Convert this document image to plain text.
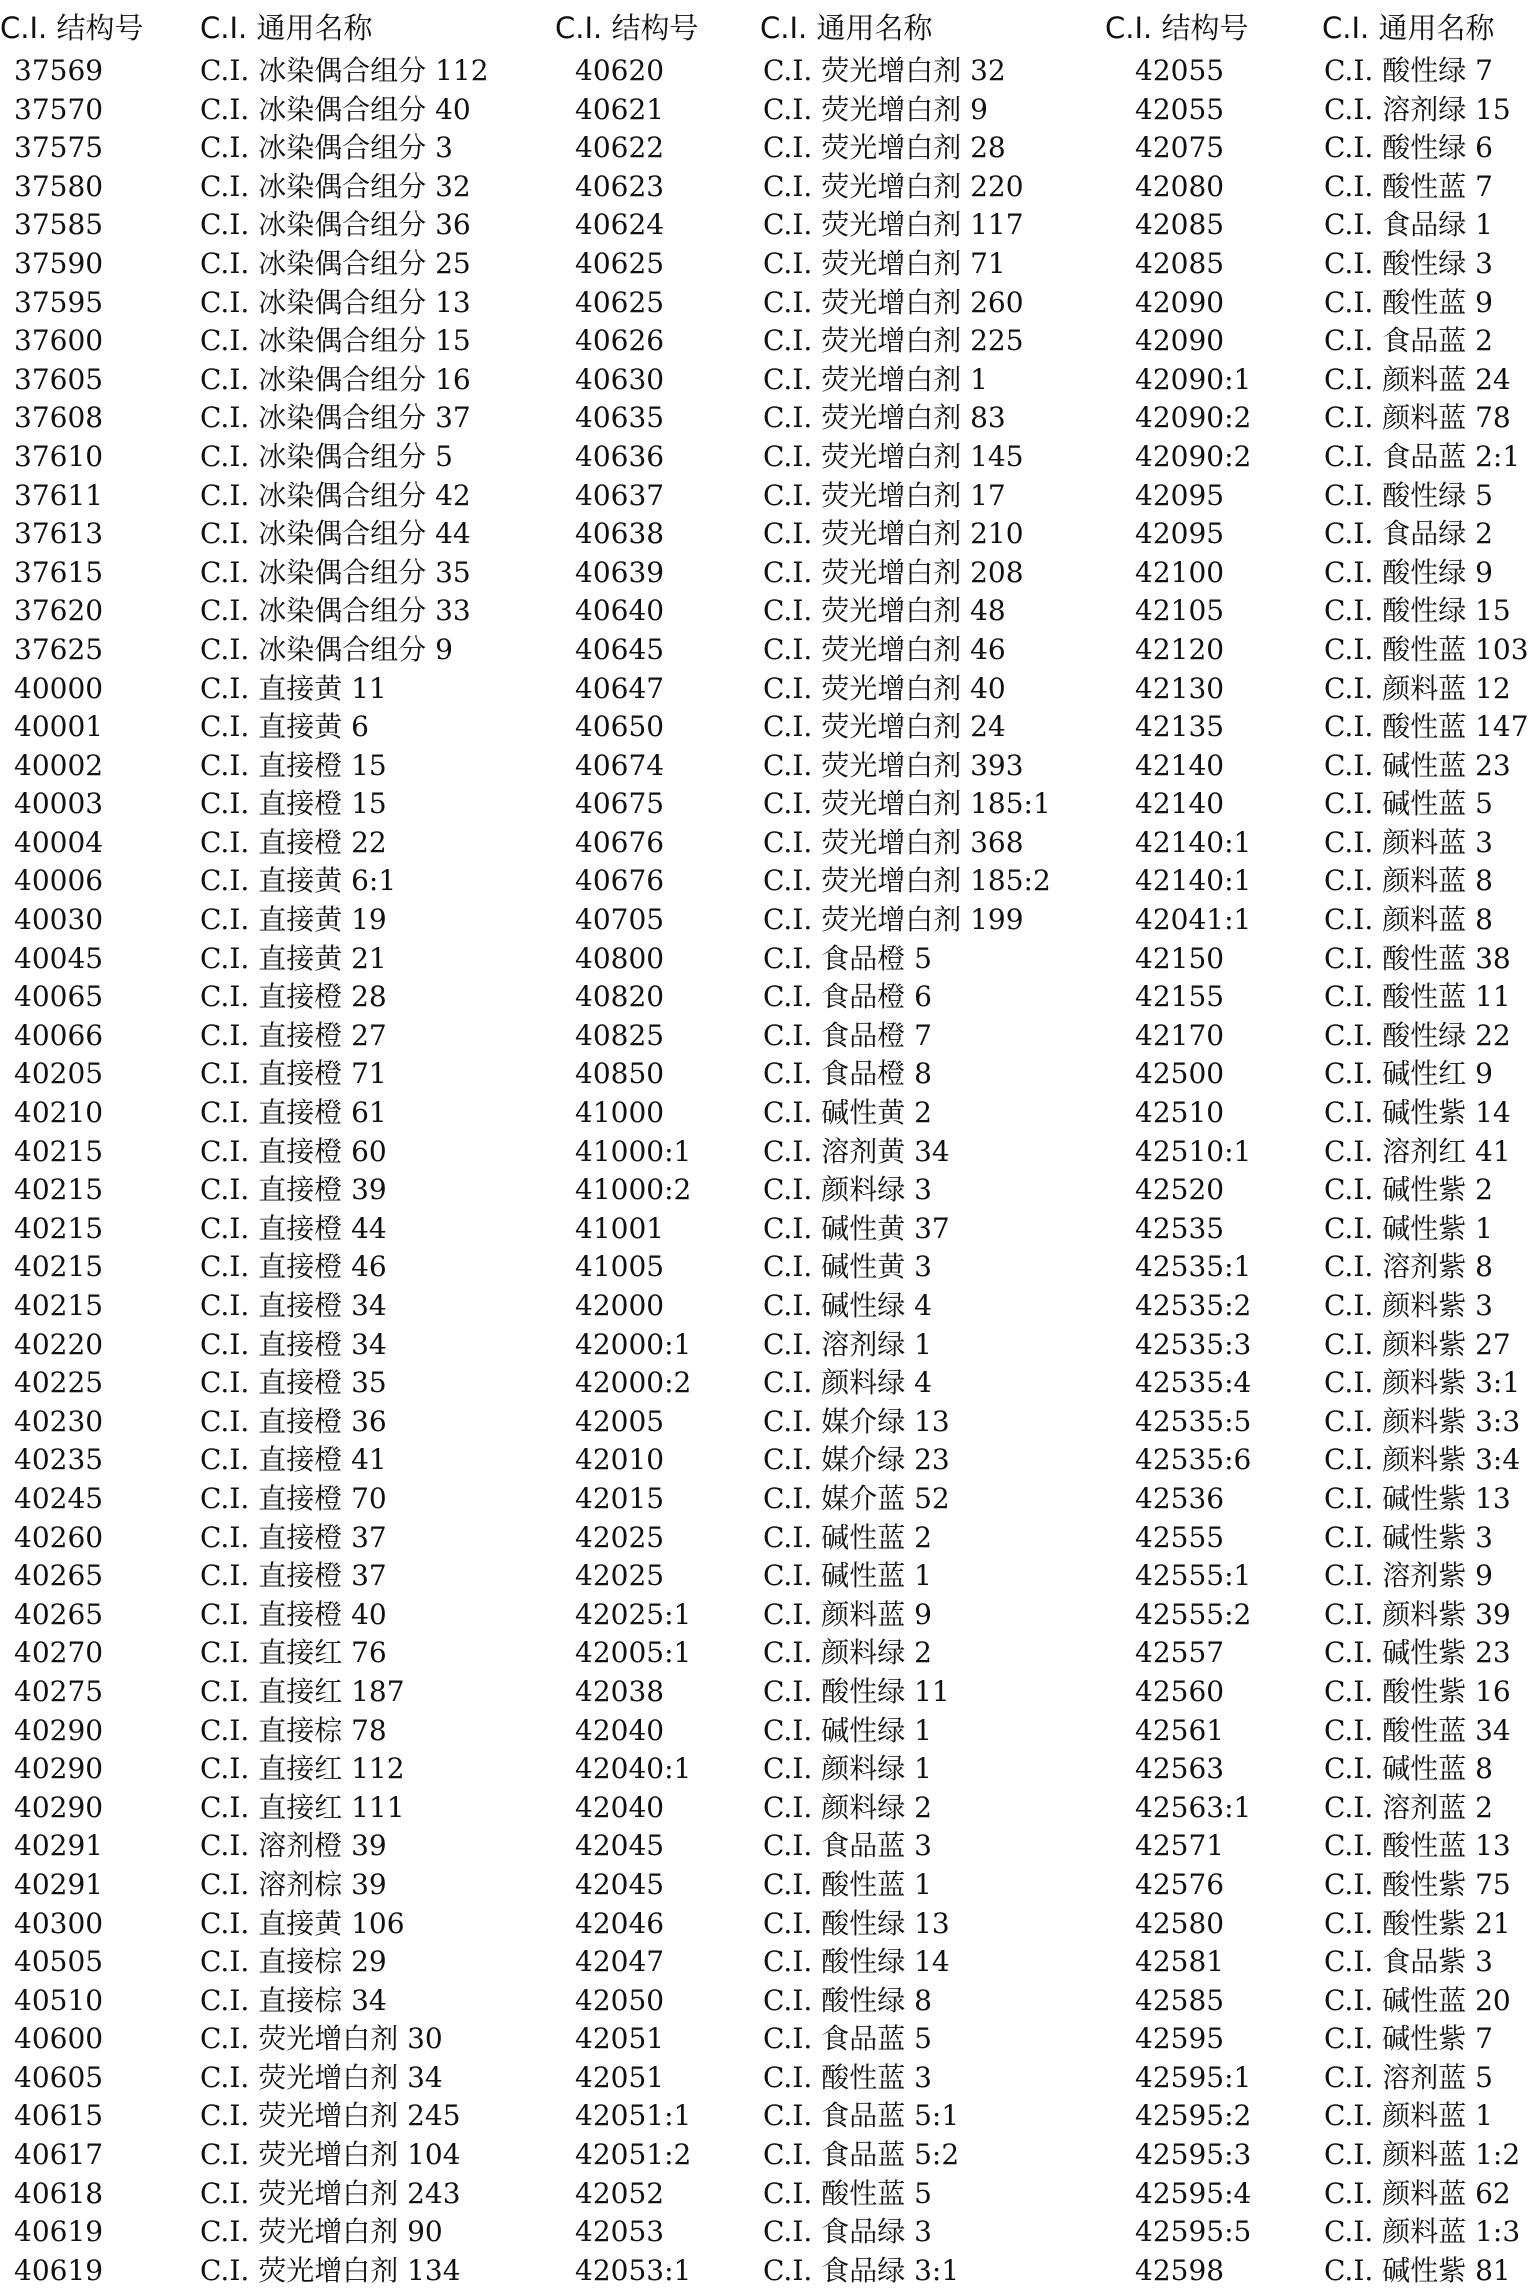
C.I. 结构号 C.I. 通用名称
37569	C.I. 冰染偶合组分 112
37570	C.I. 冰染偶合组分 40
37575	C.I. 冰染偶合组分 3
37580	C.I. 冰染偶合组分 32
37585	C.I. 冰染偶合组分 36
37590	C.I. 冰染偶合组分 25
37595	C.I. 冰染偶合组分 13
37600	C.I. 冰染偶合组分 15
37605	C.I. 冰染偶合组分 16
37608	C.I. 冰染偶合组分 37
37610	C.I. 冰染偶合组分 5
37611	C.I. 冰染偶合组分 42
37613	C.I. 冰染偶合组分 44
37615	C.I. 冰染偶合组分 35
37620	C.I. 冰染偶合组分 33
37625	C.I. 冰染偶合组分 9
40000	C.I. 直接黄 11
40001	C.I. 直接黄 6
40002	C.I. 直接橙 15
40003	C.I. 直接橙 15
40004	C.I. 直接橙 22
40006	C.I. 直接黄 6:1
40030	C.I. 直接黄 19
40045	C.I. 直接黄 21
40065	C.I. 直接橙 28
40066	C.I. 直接橙 27
40205	C.I. 直接橙 71
40210	C.I. 直接橙 61
40215	C.I. 直接橙 60
40215	C.I. 直接橙 39
40215	C.I. 直接橙 44
40215	C.I. 直接橙 46
40215	C.I. 直接橙 34
40220	C.I. 直接橙 34
40225	C.I. 直接橙 35
40230	C.I. 直接橙 36
40235	C.I. 直接橙 41
40245	C.I. 直接橙 70
40260	C.I. 直接橙 37
40265	C.I. 直接橙 37
40265	C.I. 直接橙 40
40270	C.I. 直接红 76
40275	C.I. 直接红 187
40290	C.I. 直接棕 78
40290	C.I. 直接红 112
40290	C.I. 直接红 111
40291	C.I. 溶剂橙 39
40291	C.I. 溶剂棕 39
40300	C.I. 直接黄 106
40505	C.I. 直接棕 29
40510	C.I. 直接棕 34
40600	C.I. 荧光增白剂 30
40605	C.I. 荧光增白剂 34
40615	C.I. 荧光增白剂 245
40617	C.I. 荧光增白剂 104
40618	C.I. 荧光增白剂 243
40619	C.I. 荧光增白剂 90
40619	C.I. 荧光增白剂 134
C.I. 结构号 C.I. 通用名称
40620	C.I. 荧光增白剂 32
40621	C.I. 荧光增白剂 9
40622	C.I. 荧光增白剂 28
40623	C.I. 荧光增白剂 220
40624	C.I. 荧光增白剂 117
40625	C.I. 荧光增白剂 71
40625	C.I. 荧光增白剂 260
40626	C.I. 荧光增白剂 225
40630	C.I. 荧光增白剂 1
40635	C.I. 荧光增白剂 83
40636	C.I. 荧光增白剂 145
40637	C.I. 荧光增白剂 17
40638	C.I. 荧光增白剂 210
40639	C.I. 荧光增白剂 208
40640	C.I. 荧光增白剂 48
40645	C.I. 荧光增白剂 46
40647	C.I. 荧光增白剂 40
40650	C.I. 荧光增白剂 24
40674	C.I. 荧光增白剂 393
40675	C.I. 荧光增白剂 185:1
40676	C.I. 荧光增白剂 368
40676	C.I. 荧光增白剂 185:2
40705	C.I. 荧光增白剂 199
40800	C.I. 食品橙 5
40820	C.I. 食品橙 6
40825	C.I. 食品橙 7
40850	C.I. 食品橙 8
41000	C.I. 碱性黄 2
41000:1	C.I. 溶剂黄 34
41000:2	C.I. 颜料绿 3
41001	C.I. 碱性黄 37
41005	C.I. 碱性黄 3
42000	C.I. 碱性绿 4
42000:1	C.I. 溶剂绿 1
42000:2	C.I. 颜料绿 4
42005	C.I. 媒介绿 13
42010	C.I. 媒介绿 23
42015	C.I. 媒介蓝 52
42025	C.I. 碱性蓝 2
42025	C.I. 碱性蓝 1
42025:1	C.I. 颜料蓝 9
42005:1	C.I. 颜料绿 2
42038	C.I. 酸性绿 11
42040	C.I. 碱性绿 1
42040:1	C.I. 颜料绿 1
42040	C.I. 颜料绿 2
42045	C.I. 食品蓝 3
42045	C.I. 酸性蓝 1
42046	C.I. 酸性绿 13
42047	C.I. 酸性绿 14
42050	C.I. 酸性绿 8
42051	C.I. 食品蓝 5
42051	C.I. 酸性蓝 3
42051:1	C.I. 食品蓝 5:1
42051:2	C.I. 食品蓝 5:2
42052	C.I. 酸性蓝 5
42053	C.I. 食品绿 3
42053:1	C.I. 食品绿 3:1
C.I. 结构号	C.I. 通用名称
42055	C.I. 酸性绿 7
42055	C.I. 溶剂绿 15
42075	C.I. 酸性绿 6
42080	C.I. 酸性蓝 7
42085	C.I. 食品绿 1
42085	C.I. 酸性绿 3
42090	C.I. 酸性蓝 9
42090	C.I. 食品蓝 2
42090:1	C.I. 颜料蓝 24
42090:2	C.I. 颜料蓝 78
42090:2	C.I. 食品蓝 2:1
42095	C.I. 酸性绿 5
42095	C.I. 食品绿 2
42100	C.I. 酸性绿 9
42105	C.I. 酸性绿 15
42120	C.I. 酸性蓝 103
42130	C.I. 颜料蓝 12
42135	C.I. 酸性蓝 147
42140	C.I. 碱性蓝 23
42140	C.I. 碱性蓝 5
42140:1	C.I. 颜料蓝 3
42140:1	C.I. 颜料蓝 8
42041:1	C.I. 颜料蓝 8
42150	C.I. 酸性蓝 38
42155	C.I. 酸性蓝 11
42170	C.I. 酸性绿 22
42500	C.I. 碱性红 9
42510	C.I. 碱性紫 14
42510:1	C.I. 溶剂红 41
42520	C.I. 碱性紫 2
42535	C.I. 碱性紫 1
42535:1	C.I. 溶剂紫 8
42535:2	C.I. 颜料紫 3
42535:3	C.I. 颜料紫 27
42535:4	C.I. 颜料紫 3:1
42535:5	C.I. 颜料紫 3:3
42535:6	C.I. 颜料紫 3:4
42536	C.I. 碱性紫 13
42555	C.I. 碱性紫 3
42555:1	C.I. 溶剂紫 9
42555:2	C.I. 颜料紫 39
42557	C.I. 碱性紫 23
42560	C.I. 酸性紫 16
42561	C.I. 酸性蓝 34
42563	C.I. 碱性蓝 8
42563:1	C.I. 溶剂蓝 2
42571	C.I. 酸性蓝 13
42576	C.I. 酸性紫 75
42580	C.I. 酸性紫 21
42581	C.I. 食品紫 3
42585	C.I. 碱性蓝 20
42595	C.I. 碱性紫 7
42595:1	C.I. 溶剂蓝 5
42595:2	C.I. 颜料蓝 1
42595:3	C.I. 颜料蓝 1:2
42595:4	C.I. 颜料蓝 62
42595:5	C.I. 颜料蓝 1:3
42598	C.I. 碱性紫 81
